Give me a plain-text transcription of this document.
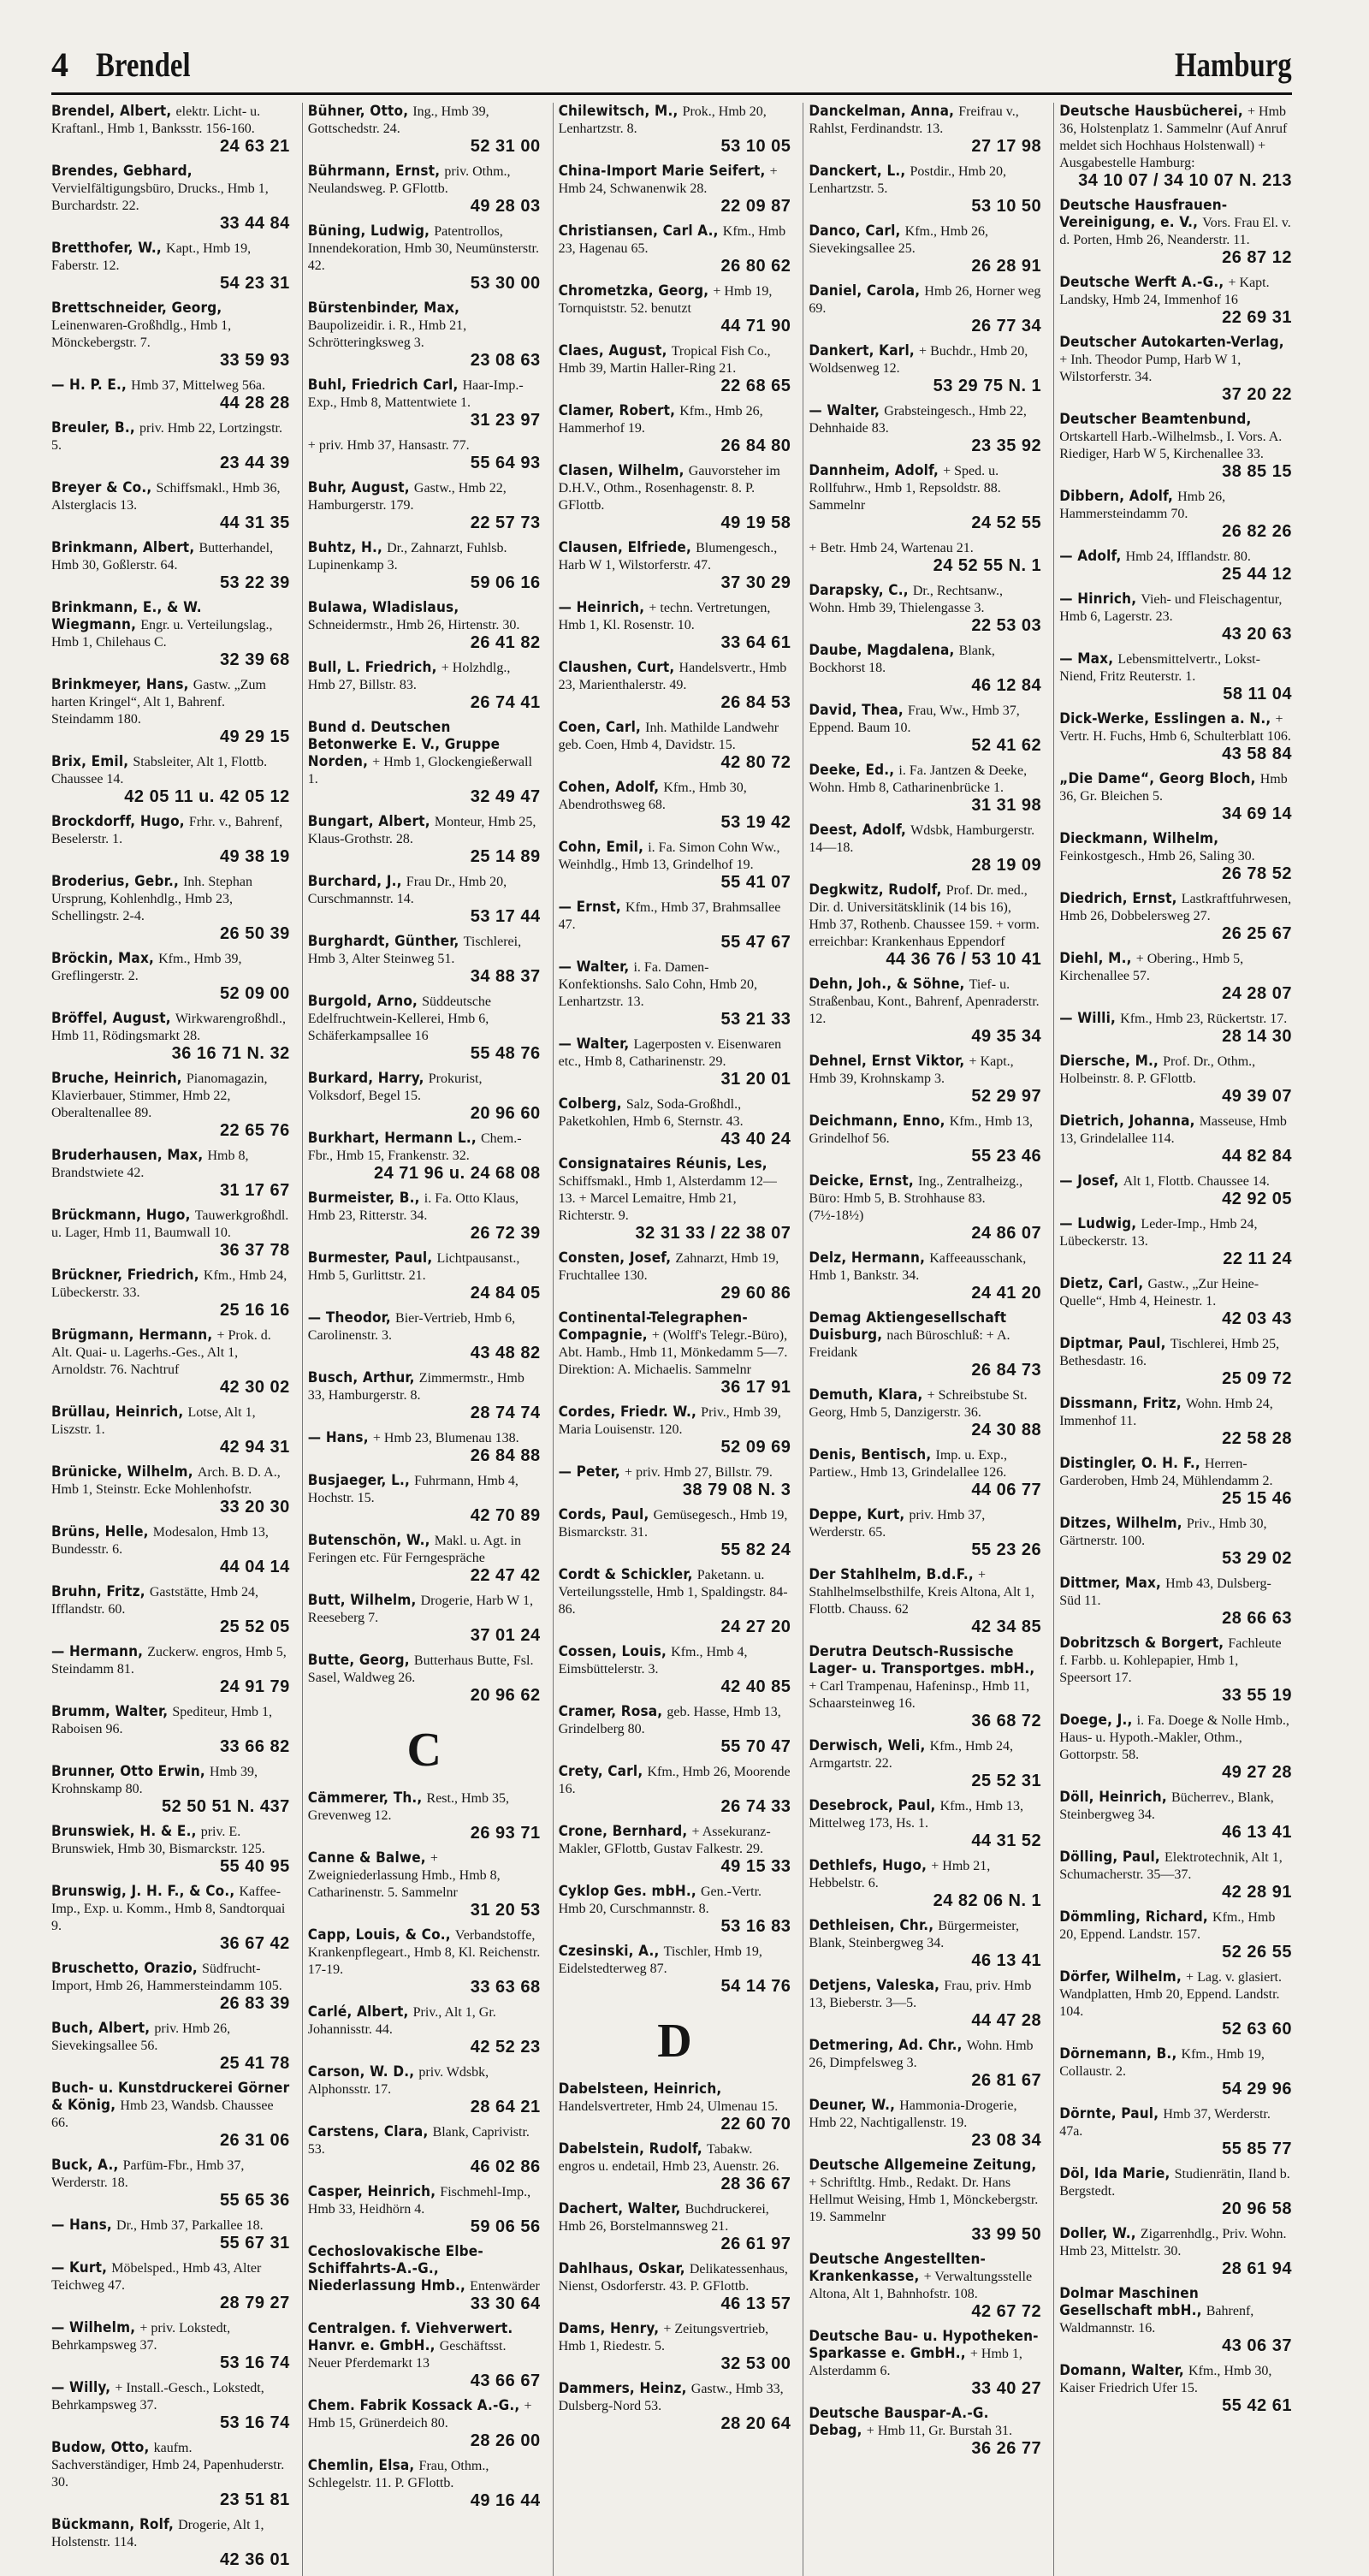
4 Brendel	Hamburg
Brendel, Albert, elektr. Licht- u. Kraftanl., Hmb 1, Banksstr. 156-160.
24 63 21
Brendes, Gebhard, Vervielfältigungsbüro, Drucks., Hmb 1, Burchardstr. 22.
33 44 84
Bretthofer, W., Kapt., Hmb 19, Faberstr. 12.
54 23 31
Brettschneider, Georg, Leinenwaren-Großhdlg., Hmb 1, Mönckebergstr. 7.
33 59 93
— H. P. E., Hmb 37, Mittelweg 56a.
44 28 28
Breuler, B., priv. Hmb 22, Lortzingstr. 5.
23 44 39
Breyer & Co., Schiffsmakl., Hmb 36, Alsterglacis 13.
44 31 35
Brinkmann, Albert, Butterhandel, Hmb 30, Goßlerstr. 64.
53 22 39
Brinkmann, E., & W. Wiegmann, Engr. u. Verteilungslag., Hmb 1, Chilehaus C.
32 39 68
Brinkmeyer, Hans, Gastw. „Zum harten Kringel“, Alt 1, Bahrenf. Steindamm 180.
49 29 15
Brix, Emil, Stabsleiter, Alt 1, Flottb. Chaussee 14.
42 05 11 u. 42 05 12
Brockdorff, Hugo, Frhr. v., Bahrenf, Beselerstr. 1.
49 38 19
Broderius, Gebr., Inh. Stephan Ursprung, Kohlenhdlg., Hmb 23, Schellingstr. 2-4.
26 50 39
Bröckin, Max, Kfm., Hmb 39, Greflingerstr. 2.
52 09 00
Bröffel, August, Wirkwarengroßhdl., Hmb 11, Rödingsmarkt 28.
36 16 71 N. 32
Bruche, Heinrich, Pianomagazin, Klavierbauer, Stimmer, Hmb 22, Oberaltenallee 89.
22 65 76
Bruderhausen, Max, Hmb 8, Brandstwiete 42.
31 17 67
Brückmann, Hugo, Tauwerkgroßhdl. u. Lager, Hmb 11, Baumwall 10.
36 37 78
Brückner, Friedrich, Kfm., Hmb 24, Lübeckerstr. 33.
25 16 16
Brügmann, Hermann, + Prok. d. Alt. Quai- u. Lagerhs.-Ges., Alt 1, Arnoldstr. 76. Nachtruf
42 30 02
Brüllau, Heinrich, Lotse, Alt 1, Liszstr. 1.
42 94 31
Brünicke, Wilhelm, Arch. B. D. A., Hmb 1, Steinstr. Ecke Mohlenhofstr.
33 20 30
Brüns, Helle, Modesalon, Hmb 13, Bundesstr. 6.
44 04 14
Bruhn, Fritz, Gaststätte, Hmb 24, Ifflandstr. 60.
25 52 05
— Hermann, Zuckerw. engros, Hmb 5, Steindamm 81.
24 91 79
Brumm, Walter, Spediteur, Hmb 1, Raboisen 96.
33 66 82
Brunner, Otto Erwin, Hmb 39, Krohnskamp 80.
52 50 51 N. 437
Brunswiek, H. & E., priv. E. Brunswiek, Hmb 30, Bismarckstr. 125.
55 40 95
Brunswig, J. H. F., & Co., Kaffee-Imp., Exp. u. Komm., Hmb 8, Sandtorquai 9.
36 67 42
Bruschetto, Orazio, Südfrucht-Import, Hmb 26, Hammersteindamm 105.
26 83 39
Buch, Albert, priv. Hmb 26, Sievekingsallee 56.
25 41 78
Buch- u. Kunstdruckerei Görner & König, Hmb 23, Wandsb. Chaussee 66.
26 31 06
Buck, A., Parfüm-Fbr., Hmb 37, Werderstr. 18.
55 65 36
— Hans, Dr., Hmb 37, Parkallee 18.
55 67 31
— Kurt, Möbelsped., Hmb 43, Alter Teichweg 47.
28 79 27
— Wilhelm, + priv. Lokstedt, Behrkampsweg 37.
53 16 74
— Willy, + Install.-Gesch., Lokstedt, Behrkampsweg 37.
53 16 74
Budow, Otto, kaufm. Sachverständiger, Hmb 24, Papenhuderstr. 30.
23 51 81
Bückmann, Rolf, Drogerie, Alt 1, Holstenstr. 114.
42 36 01
Bühner, Otto, Ing., Hmb 39, Gottschedstr. 24.
52 31 00
Bührmann, Ernst, priv. Othm., Neulandsweg. P. GFlottb.
49 28 03
Büning, Ludwig, Patentrollos, Innendekoration, Hmb 30, Neumünsterstr. 42.
53 30 00
Bürstenbinder, Max, Baupolizeidir. i. R., Hmb 21, Schrötteringksweg 3.
23 08 63
Buhl, Friedrich Carl, Haar-Imp.-Exp., Hmb 8, Mattentwiete 1.
31 23 97
+ priv. Hmb 37, Hansastr. 77.
55 64 93
Buhr, August, Gastw., Hmb 22, Hamburgerstr. 179.
22 57 73
Buhtz, H., Dr., Zahnarzt, Fuhlsb. Lupinenkamp 3.
59 06 16
Bulawa, Wladislaus, Schneidermstr., Hmb 26, Hirtenstr. 30.
26 41 82
Bull, L. Friedrich, + Holzhdlg., Hmb 27, Billstr. 83.
26 74 41
Bund d. Deutschen Betonwerke E. V., Gruppe Norden, + Hmb 1, Glockengießerwall 1.
32 49 47
Bungart, Albert, Monteur, Hmb 25, Klaus-Grothstr. 28.
25 14 89
Burchard, J., Frau Dr., Hmb 20, Curschmannstr. 14.
53 17 44
Burghardt, Günther, Tischlerei, Hmb 3, Alter Steinweg 51.
34 88 37
Burgold, Arno, Süddeutsche Edelfruchtwein-Kellerei, Hmb 6, Schäferkampsallee 16
55 48 76
Burkard, Harry, Prokurist, Volksdorf, Begel 15.
20 96 60
Burkhart, Hermann L., Chem.-Fbr., Hmb 15, Frankenstr. 32.
24 71 96 u. 24 68 08
Burmeister, B., i. Fa. Otto Klaus, Hmb 23, Ritterstr. 34.
26 72 39
Burmester, Paul, Lichtpausanst., Hmb 5, Gurlittstr. 21.
24 84 05
— Theodor, Bier-Vertrieb, Hmb 6, Carolinenstr. 3.
43 48 82
Busch, Arthur, Zimmermstr., Hmb 33, Hamburgerstr. 8.
28 74 74
— Hans, + Hmb 23, Blumenau 138.
26 84 88
Busjaeger, L., Fuhrmann, Hmb 4, Hochstr. 15.
42 70 89
Butenschön, W., Makl. u. Agt. in Feringen etc. Für Ferngespräche
22 47 42
Butt, Wilhelm, Drogerie, Harb W 1, Reeseberg 7.
37 01 24
Butte, Georg, Butterhaus Butte, Fsl. Sasel, Waldweg 26.
20 96 62
C
Cämmerer, Th., Rest., Hmb 35, Grevenweg 12.
26 93 71
Canne & Balwe, + Zweigniederlassung Hmb., Hmb 8, Catharinenstr. 5. Sammelnr
31 20 53
Capp, Louis, & Co., Verbandstoffe, Krankenpflegeart., Hmb 8, Kl. Reichenstr. 17-19.
33 63 68
Carlé, Albert, Priv., Alt 1, Gr. Johannisstr. 44.
42 52 23
Carson, W. D., priv. Wdsbk, Alphonsstr. 17.
28 64 21
Carstens, Clara, Blank, Caprivistr. 53.
46 02 86
Casper, Heinrich, Fischmehl-Imp., Hmb 33, Heidhörn 4.
59 06 56
Cechoslovakische Elbe-Schiffahrts-A.-G., Niederlassung Hmb., Entenwärder
33 30 64
Centralgen. f. Viehverwert. Hanvr. e. GmbH., Geschäftsst. Neuer Pferdemarkt 13
43 66 67
Chem. Fabrik Kossack A.-G., + Hmb 15, Grünerdeich 80.
28 26 00
Chemlin, Elsa, Frau, Othm., Schlegelstr. 11. P. GFlottb.
49 16 44
Chilewitsch, M., Prok., Hmb 20, Lenhartzstr. 8.
53 10 05
China-Import Marie Seifert, + Hmb 24, Schwanenwik 28.
22 09 87
Christiansen, Carl A., Kfm., Hmb 23, Hagenau 65.
26 80 62
Chrometzka, Georg, + Hmb 19, Tornquiststr. 52. benutzt
44 71 90
Claes, August, Tropical Fish Co., Hmb 39, Martin Haller-Ring 21.
22 68 65
Clamer, Robert, Kfm., Hmb 26, Hammerhof 19.
26 84 80
Clasen, Wilhelm, Gauvorsteher im D.H.V., Othm., Rosenhagenstr. 8. P. GFlottb.
49 19 58
Clausen, Elfriede, Blumengesch., Harb W 1, Wilstorferstr. 47.
37 30 29
— Heinrich, + techn. Vertretungen, Hmb 1, Kl. Rosenstr. 10.
33 64 61
Claushen, Curt, Handelsvertr., Hmb 23, Marienthalerstr. 49.
26 84 53
Coen, Carl, Inh. Mathilde Landwehr geb. Coen, Hmb 4, Davidstr. 15.
42 80 72
Cohen, Adolf, Kfm., Hmb 30, Abendrothsweg 68.
53 19 42
Cohn, Emil, i. Fa. Simon Cohn Ww., Weinhdlg., Hmb 13, Grindelhof 19.
55 41 07
— Ernst, Kfm., Hmb 37, Brahmsallee 47.
55 47 67
— Walter, i. Fa. Damen-Konfektionshs. Salo Cohn, Hmb 20, Lenhartzstr. 13.
53 21 33
— Walter, Lagerposten v. Eisenwaren etc., Hmb 8, Catharinenstr. 29.
31 20 01
Colberg, Salz, Soda-Großhdl., Paketkohlen, Hmb 6, Sternstr. 43.
43 40 24
Consignataires Réunis, Les, Schiffsmakl., Hmb 1, Alsterdamm 12—13. + Marcel Lemaitre, Hmb 21, Richterstr. 9.
32 31 33 / 22 38 07
Consten, Josef, Zahnarzt, Hmb 19, Fruchtallee 130.
29 60 86
Continental-Telegraphen-Compagnie, + (Wolff's Telegr.-Büro), Abt. Hamb., Hmb 11, Mönkedamm 5—7. Direktion: A. Michaelis. Sammelnr
36 17 91
Cordes, Friedr. W., Priv., Hmb 39, Maria Louisenstr. 120.
52 09 69
— Peter, + priv. Hmb 27, Billstr. 79.
38 79 08 N. 3
Cords, Paul, Gemüsegesch., Hmb 19, Bismarckstr. 31.
55 82 24
Cordt & Schickler, Paketann. u. Verteilungsstelle, Hmb 1, Spaldingstr. 84-86.
24 27 20
Cossen, Louis, Kfm., Hmb 4, Eimsbüttelerstr. 3.
42 40 85
Cramer, Rosa, geb. Hasse, Hmb 13, Grindelberg 80.
55 70 47
Crety, Carl, Kfm., Hmb 26, Moorende 16.
26 74 33
Crone, Bernhard, + Assekuranz-Makler, GFlottb, Gustav Falkestr. 29.
49 15 33
Cyklop Ges. mbH., Gen.-Vertr. Hmb 20, Curschmannstr. 8.
53 16 83
Czesinski, A., Tischler, Hmb 19, Eidelstedterweg 87.
54 14 76
D
Dabelsteen, Heinrich, Handelsvertreter, Hmb 24, Ulmenau 15.
22 60 70
Dabelstein, Rudolf, Tabakw. engros u. endetail, Hmb 23, Auenstr. 26.
28 36 67
Dachert, Walter, Buchdruckerei, Hmb 26, Borstelmannsweg 21.
26 61 97
Dahlhaus, Oskar, Delikatessenhaus, Nienst, Osdorferstr. 43. P. GFlottb.
46 13 57
Dams, Henry, + Zeitungsvertrieb, Hmb 1, Riedestr. 5.
32 53 00
Dammers, Heinz, Gastw., Hmb 33, Dulsberg-Nord 53.
28 20 64
Danckelman, Anna, Freifrau v., Rahlst, Ferdinandstr. 13.
27 17 98
Danckert, L., Postdir., Hmb 20, Lenhartzstr. 5.
53 10 50
Danco, Carl, Kfm., Hmb 26, Sievekingsallee 25.
26 28 91
Daniel, Carola, Hmb 26, Horner weg 69.
26 77 34
Dankert, Karl, + Buchdr., Hmb 20, Woldsenweg 12.
53 29 75 N. 1
— Walter, Grabsteingesch., Hmb 22, Dehnhaide 83.
23 35 92
Dannheim, Adolf, + Sped. u. Rollfuhrw., Hmb 1, Repsoldstr. 88. Sammelnr
24 52 55
+ Betr. Hmb 24, Wartenau 21.
24 52 55 N. 1
Darapsky, C., Dr., Rechtsanw., Wohn. Hmb 39, Thielengasse 3.
22 53 03
Daube, Magdalena, Blank, Bockhorst 18.
46 12 84
David, Thea, Frau, Ww., Hmb 37, Eppend. Baum 10.
52 41 62
Deeke, Ed., i. Fa. Jantzen & Deeke, Wohn. Hmb 8, Catharinenbrücke 1.
31 31 98
Deest, Adolf, Wdsbk, Hamburgerstr. 14—18.
28 19 09
Degkwitz, Rudolf, Prof. Dr. med., Dir. d. Universitätsklinik (14 bis 16), Hmb 37, Rothenb. Chaussee 159. + vorm. erreichbar: Krankenhaus Eppendorf
44 36 76 / 53 10 41
Dehn, Joh., & Söhne, Tief- u. Straßenbau, Kont., Bahrenf, Apenraderstr. 12.
49 35 34
Dehnel, Ernst Viktor, + Kapt., Hmb 39, Krohnskamp 3.
52 29 97
Deichmann, Enno, Kfm., Hmb 13, Grindelhof 56.
55 23 46
Deicke, Ernst, Ing., Zentralheizg., Büro: Hmb 5, B. Strohhause 83. (7½-18½)
24 86 07
Delz, Hermann, Kaffeeausschank, Hmb 1, Bankstr. 34.
24 41 20
Demag Aktiengesellschaft Duisburg, nach Büroschluß: + A. Freidank
26 84 73
Demuth, Klara, + Schreibstube St. Georg, Hmb 5, Danzigerstr. 36.
24 30 88
Denis, Bentisch, Imp. u. Exp., Partiew., Hmb 13, Grindelallee 126.
44 06 77
Deppe, Kurt, priv. Hmb 37, Werderstr. 65.
55 23 26
Der Stahlhelm, B.d.F., + Stahlhelmselbsthilfe, Kreis Altona, Alt 1, Flottb. Chauss. 62
42 34 85
Derutra Deutsch-Russische Lager- u. Transportges. mbH., + Carl Trampenau, Hafeninsp., Hmb 11, Schaarsteinweg 16.
36 68 72
Derwisch, Weli, Kfm., Hmb 24, Armgartstr. 22.
25 52 31
Desebrock, Paul, Kfm., Hmb 13, Mittelweg 173, Hs. 1.
44 31 52
Dethlefs, Hugo, + Hmb 21, Hebbelstr. 6.
24 82 06 N. 1
Dethleisen, Chr., Bürgermeister, Blank, Steinbergweg 34.
46 13 41
Detjens, Valeska, Frau, priv. Hmb 13, Bieberstr. 3—5.
44 47 28
Detmering, Ad. Chr., Wohn. Hmb 26, Dimpfelsweg 3.
26 81 67
Deuner, W., Hammonia-Drogerie, Hmb 22, Nachtigallenstr. 19.
23 08 34
Deutsche Allgemeine Zeitung, + Schriftltg. Hmb., Redakt. Dr. Hans Hellmut Weising, Hmb 1, Mönckebergstr. 19. Sammelnr
33 99 50
Deutsche Angestellten-Krankenkasse, + Verwaltungsstelle Altona, Alt 1, Bahnhofstr. 108.
42 67 72
Deutsche Bau- u. Hypotheken-Sparkasse e. GmbH., + Hmb 1, Alsterdamm 6.
33 40 27
Deutsche Bauspar-A.-G. Debag, + Hmb 11, Gr. Burstah 31.
36 26 77
Deutsche Hausbücherei, + Hmb 36, Holstenplatz 1. Sammelnr (Auf Anruf meldet sich Hochhaus Holstenwall) + Ausgabestelle Hamburg:
34 10 07 / 34 10 07 N. 213
Deutsche Hausfrauen-Vereinigung, e. V., Vors. Frau El. v. d. Porten, Hmb 26, Neanderstr. 11.
26 87 12
Deutsche Werft A.-G., + Kapt. Landsky, Hmb 24, Immenhof 16
22 69 31
Deutscher Autokarten-Verlag, + Inh. Theodor Pump, Harb W 1, Wilstorferstr. 34.
37 20 22
Deutscher Beamtenbund, Ortskartell Harb.-Wilhelmsb., I. Vors. A. Riediger, Harb W 5, Kirchenallee 33.
38 85 15
Dibbern, Adolf, Hmb 26, Hammersteindamm 70.
26 82 26
— Adolf, Hmb 24, Ifflandstr. 80.
25 44 12
— Hinrich, Vieh- und Fleischagentur, Hmb 6, Lagerstr. 23.
43 20 63
— Max, Lebensmittelvertr., Lokst-Niend, Fritz Reuterstr. 1.
58 11 04
Dick-Werke, Esslingen a. N., + Vertr. H. Fuchs, Hmb 6, Schulterblatt 106.
43 58 84
„Die Dame“, Georg Bloch, Hmb 36, Gr. Bleichen 5.
34 69 14
Dieckmann, Wilhelm, Feinkostgesch., Hmb 26, Saling 30.
26 78 52
Diedrich, Ernst, Lastkraftfuhrwesen, Hmb 26, Dobbelersweg 27.
26 25 67
Diehl, M., + Obering., Hmb 5, Kirchenallee 57.
24 28 07
— Willi, Kfm., Hmb 23, Rückertstr. 17.
28 14 30
Diersche, M., Prof. Dr., Othm., Holbeinstr. 8. P. GFlottb.
49 39 07
Dietrich, Johanna, Masseuse, Hmb 13, Grindelallee 114.
44 82 84
— Josef, Alt 1, Flottb. Chaussee 14.
42 92 05
— Ludwig, Leder-Imp., Hmb 24, Lübeckerstr. 13.
22 11 24
Dietz, Carl, Gastw., „Zur Heine-Quelle“, Hmb 4, Heinestr. 1.
42 03 43
Diptmar, Paul, Tischlerei, Hmb 25, Bethesdastr. 16.
25 09 72
Dissmann, Fritz, Wohn. Hmb 24, Immenhof 11.
22 58 28
Distingler, O. H. F., Herren-Garderoben, Hmb 24, Mühlendamm 2.
25 15 46
Ditzes, Wilhelm, Priv., Hmb 30, Gärtnerstr. 100.
53 29 02
Dittmer, Max, Hmb 43, Dulsberg-Süd 11.
28 66 63
Dobritzsch & Borgert, Fachleute f. Farbb. u. Kohlepapier, Hmb 1, Speersort 17.
33 55 19
Doege, J., i. Fa. Doege & Nolle Hmb., Haus- u. Hypoth.-Makler, Othm., Gottorpstr. 58.
49 27 28
Döll, Heinrich, Bücherrev., Blank, Steinbergweg 34.
46 13 41
Dölling, Paul, Elektrotechnik, Alt 1, Schumacherstr. 35—37.
42 28 91
Dömmling, Richard, Kfm., Hmb 20, Eppend. Landstr. 157.
52 26 55
Dörfer, Wilhelm, + Lag. v. glasiert. Wandplatten, Hmb 20, Eppend. Landstr. 104.
52 63 60
Dörnemann, B., Kfm., Hmb 19, Collaustr. 2.
54 29 96
Dörnte, Paul, Hmb 37, Werderstr. 47a.
55 85 77
Döl, Ida Marie, Studienrätin, Iland b. Bergstedt.
20 96 58
Doller, W., Zigarrenhdlg., Priv. Wohn. Hmb 23, Mittelstr. 30.
28 61 94
Dolmar Maschinen Gesellschaft mbH., Bahrenf, Waldmannstr. 16.
43 06 37
Domann, Walter, Kfm., Hmb 30, Kaiser Friedrich Ufer 15.
55 42 61
